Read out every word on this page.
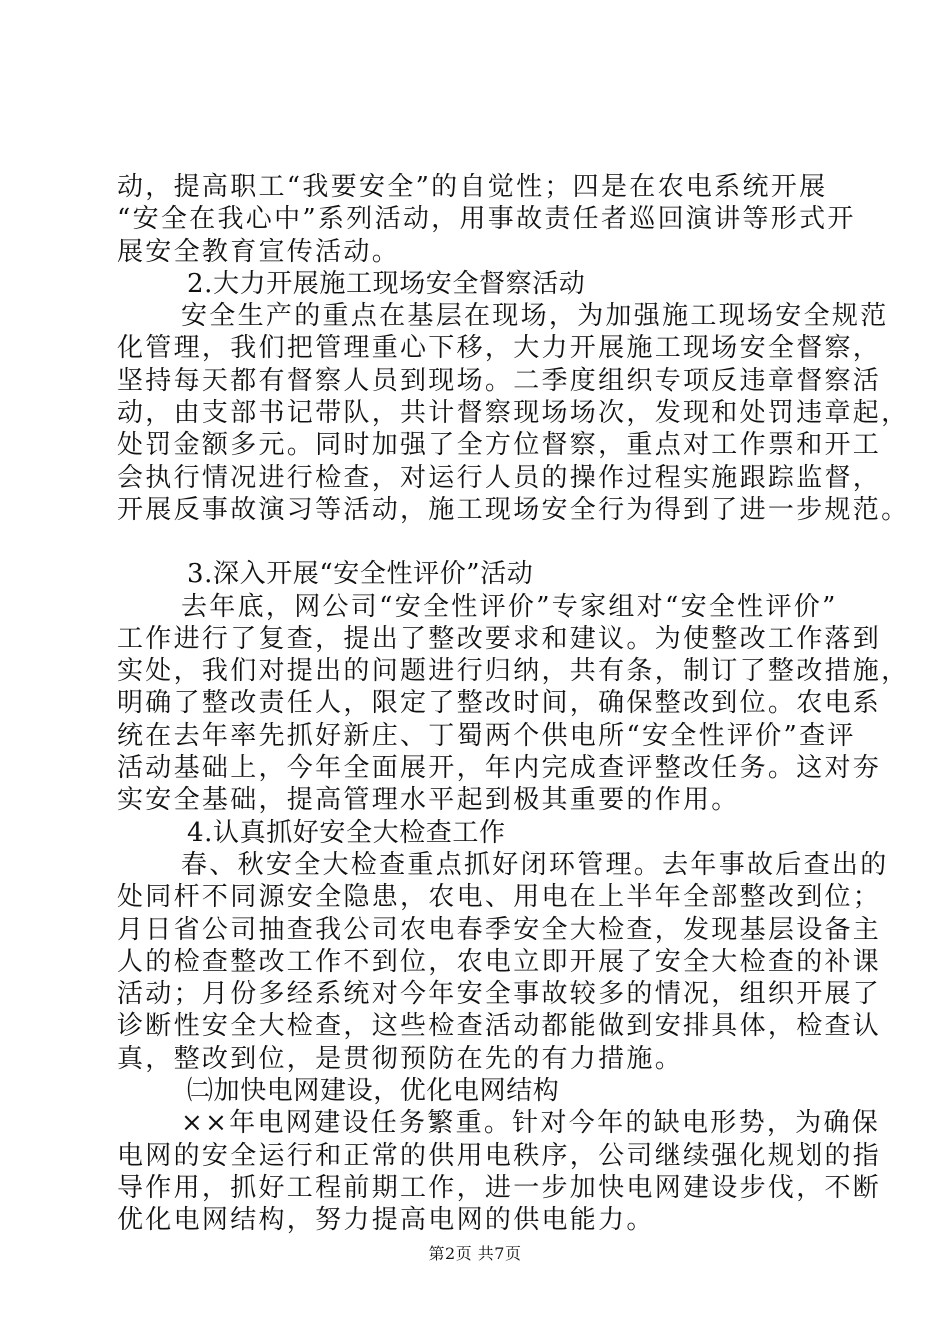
动，提高职工“我要安全”的自觉性；四是在农电系统开展
“安全在我心中”系列活动，用事故责任者巡回演讲等形式开
展安全教育宣传活动。
2.大力开展施工现场安全督察活动
安全生产的重点在基层在现场，为加强施工现场安全规范
化管理，我们把管理重心下移，大力开展施工现场安全督察，
坚持每天都有督察人员到现场。二季度组织专项反违章督察活
动，由支部书记带队，共计督察现场场次，发现和处罚违章起，
处罚金额多元。同时加强了全方位督察，重点对工作票和开工
会执行情况进行检查，对运行人员的操作过程实施跟踪监督，
开展反事故演习等活动，施工现场安全行为得到了进一步规范。
3.深入开展“安全性评价”活动
去年底，网公司“安全性评价”专家组对“安全性评价”
工作进行了复查，提出了整改要求和建议。为使整改工作落到
实处，我们对提出的问题进行归纳，共有条，制订了整改措施，
明确了整改责任人，限定了整改时间，确保整改到位。农电系
统在去年率先抓好新庄、丁蜀两个供电所“安全性评价”查评
活动基础上，今年全面展开，年内完成查评整改任务。这对夯
实安全基础，提高管理水平起到极其重要的作用。
4.认真抓好安全大检查工作
春、秋安全大检查重点抓好闭环管理。去年事故后查出的
处同杆不同源安全隐患，农电、用电在上半年全部整改到位；
月日省公司抽查我公司农电春季安全大检查，发现基层设备主
人的检查整改工作不到位，农电立即开展了安全大检查的补课
活动；月份多经系统对今年安全事故较多的情况，组织开展了
诊断性安全大检查，这些检查活动都能做到安排具体，检查认
真，整改到位，是贯彻预防在先的有力措施。
㈡加快电网建设，优化电网结构
××年电网建设任务繁重。针对今年的缺电形势，为确保
电网的安全运行和正常的供用电秩序，公司继续强化规划的指
导作用，抓好工程前期工作，进一步加快电网建设步伐，不断
优化电网结构，努力提高电网的供电能力。
第2页 共7页
